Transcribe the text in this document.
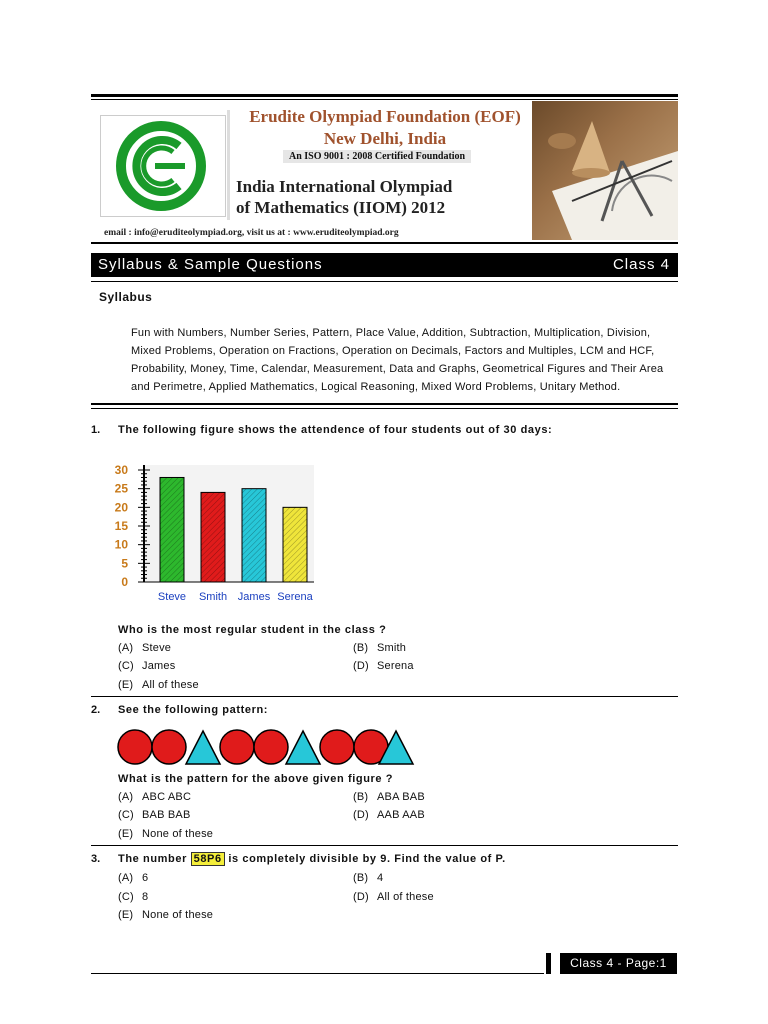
Erudite Olympiad Foundation (EOF)
New Delhi, India
An ISO 9001 : 2008 Certified Foundation
India International Olympiad
of Mathematics (IIOM) 2012
email : info@eruditeolympiad.org, visit us at : www.eruditeolympiad.org
Syllabus & Sample Questions	Class 4
Syllabus
Fun with Numbers, Number Series, Pattern, Place Value, Addition, Subtraction, Multiplication, Division, Mixed Problems, Operation on Fractions, Operation on Decimals, Factors and Multiples, LCM and HCF, Probability, Money, Time, Calendar, Measurement, Data and Graphs, Geometrical Figures and Their Area and Perimetre, Applied Mathematics, Logical Reasoning, Mixed Word Problems, Unitary Method.
1. The following figure shows the attendence of four students out of 30 days:
0
5
10
15
20
25
30
Steve Smith James Serena
Who is the most regular student in the class ?
(A) Steve	(B) Smith
(C) James	(D) Serena
(E) All of these
2. See the following pattern:
What is the pattern for the above given figure ?
(A) ABC ABC	(B) ABA BAB
(C) BAB BAB	(D) AAB AAB
(E) None of these
3. The number 58P6 is completely divisible by 9. Find the value of P.
(A) 6	(B) 4
(C) 8	(D) All of these
(E) None of these
Class 4 - Page:1
